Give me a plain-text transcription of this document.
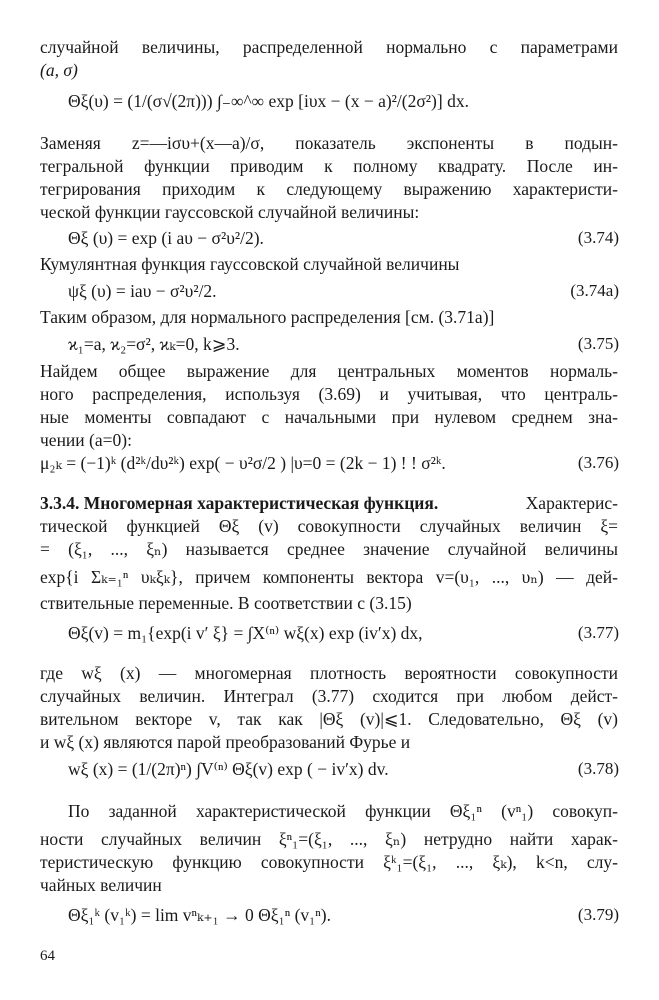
случайной величины, распределенной нормально с параметрами
(a, σ)
Θξ(υ) = (1/(σ√(2π))) ∫₋∞^∞ exp [iυx − (x − a)²/(2σ²)] dx.
Заменяя z=—iσυ+(x—a)/σ, показатель экспоненты в подын-
тегральной функции приводим к полному квадрату. После ин-
тегрирования приходим к следующему выражению характеристи-
ческой функции гауссовской случайной величины:
Θξ (υ) = exp (i aυ − σ²υ²/2).	(3.74)
Кумулянтная функция гауссовской случайной величины
ψξ (υ) = iaυ − σ²υ²/2.	(3.74а)
Таким образом, для нормального распределения [см. (3.71а)]
ϰ₁=a, ϰ₂=σ², ϰₖ=0, k⩾3.	(3.75)
Найдем общее выражение для центральных моментов нормаль-
ного распределения, используя (3.69) и учитывая, что централь-
ные моменты совпадают с начальными при нулевом среднем зна-
чении (a=0):
μ₂ₖ = (−1)ᵏ (d²ᵏ/dυ²ᵏ) exp( − υ²σ/2 ) |υ=0 = (2k − 1) ! ! σ²ᵏ.	(3.76)
3.3.4. Многомерная характеристическая функция.	Характерис-
тической функцией Θξ (v) совокупности случайных величин ξ=
= (ξ₁, ..., ξₙ) называется среднее значение случайной величины
exp{i Σₖ₌₁ⁿ υₖξₖ}, причем компоненты вектора v=(υ₁, ..., υₙ) — дей-
ствительные переменные. В соответствии с (3.15)
Θξ(v) = m₁{exp(i v′ ξ} = ∫X⁽ⁿ⁾ wξ(x) exp (iv′x) dx,	(3.77)
где wξ (x) — многомерная плотность вероятности совокупности
случайных величин. Интеграл (3.77) сходится при любом дейст-
вительном векторе v, так как |Θξ (v)|⩽1. Следовательно, Θξ (v)
и wξ (x) являются парой преобразований Фурье и
wξ (x) = (1/(2π)ⁿ) ∫V⁽ⁿ⁾ Θξ(v) exp ( − iv′x) dv.	(3.78)
По заданной характеристической функции Θξ₁ⁿ (vⁿ₁) совокуп-
ности случайных величин ξⁿ₁=(ξ₁, ..., ξₙ) нетрудно найти харак-
теристическую функцию совокупности ξᵏ₁=(ξ₁, ..., ξₖ), k<n, слу-
чайных величин
Θξ₁ᵏ (v₁ᵏ) = lim vⁿₖ₊₁ → 0 Θξ₁ⁿ (v₁ⁿ).	(3.79)
64
